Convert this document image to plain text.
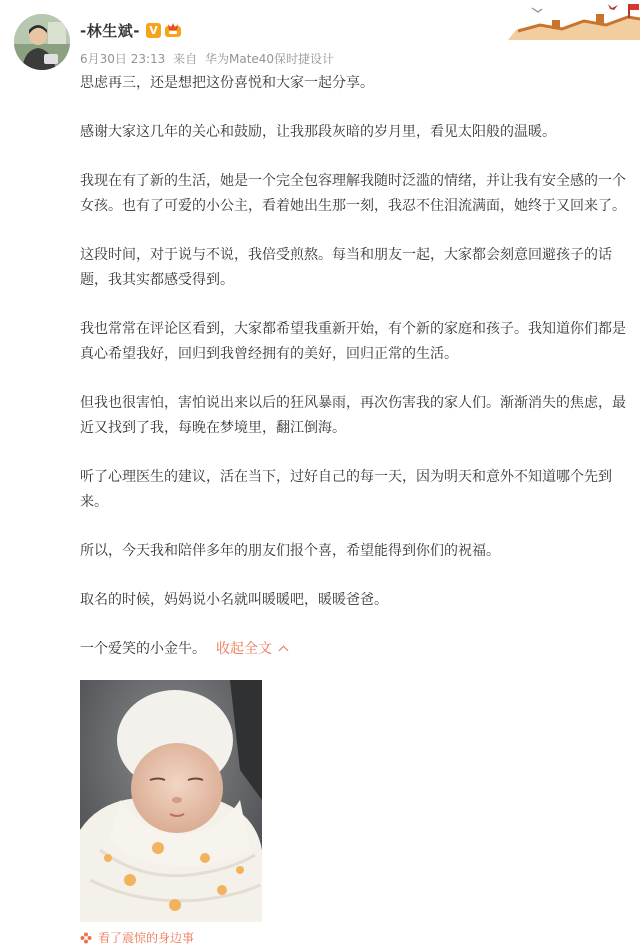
-林生斌- V
6月30日 23:13 来自 华为Mate40保时捷设计

思虑再三，还是想把这份喜悦和大家一起分享。

感谢大家这几年的关心和鼓励，让我那段灰暗的岁月里，看见太阳般的温暖。

我现在有了新的生活，她是一个完全包容理解我随时泛滥的情绪，并让我有安全感的一个女孩。也有了可爱的小公主，看着她出生那一刻，我忍不住泪流满面，她终于又回来了。

这段时间，对于说与不说，我倍受煎熬。每当和朋友一起，大家都会刻意回避孩子的话题，我其实都感受得到。

我也常常在评论区看到，大家都希望我重新开始，有个新的家庭和孩子。我知道你们都是真心希望我好，回归到我曾经拥有的美好，回归正常的生活。

但我也很害怕，害怕说出来以后的狂风暴雨，再次伤害我的家人们。渐渐消失的焦虑，最近又找到了我，每晚在梦境里，翻江倒海。

听了心理医生的建议，活在当下，过好自己的每一天，因为明天和意外不知道哪个先到来。

所以，今天我和陪伴多年的朋友们报个喜，希望能得到你们的祝福。

取名的时候，妈妈说小名就叫暖暖吧，暖暖爸爸。

一个爱笑的小金牛。 收起全文

看了震惊的身边事
